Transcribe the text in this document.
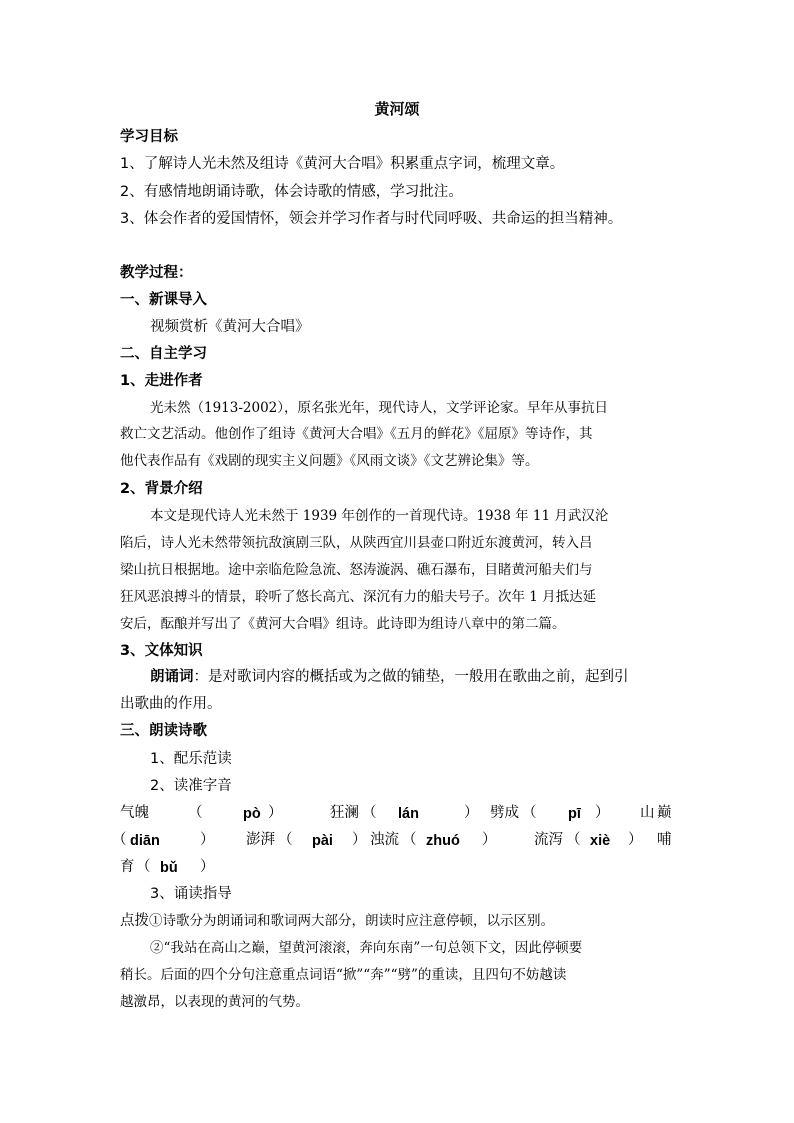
黄河颂
学习目标
1、了解诗人光未然及组诗《黄河大合唱》积累重点字词，梳理文章。
2、有感情地朗诵诗歌，体会诗歌的情感，学习批注。
3、体会作者的爱国情怀，领会并学习作者与时代同呼吸、共命运的担当精神。
教学过程：
一、新课导入
视频赏析《黄河大合唱》
二、自主学习
1、走进作者
光未然（1913-2002），原名张光年，现代诗人，文学评论家。早年从事抗日
救亡文艺活动。他创作了组诗《黄河大合唱》《五月的鲜花》《屈原》等诗作，其
他代表作品有《戏剧的现实主义问题》《风雨文谈》《文艺辨论集》等。
2、背景介绍
本文是现代诗人光未然于 1939 年创作的一首现代诗。1938 年 11 月武汉沦
陷后，诗人光未然带领抗敌演剧三队，从陕西宜川县壶口附近东渡黄河，转入吕
梁山抗日根据地。途中亲临危险急流、怒涛漩涡、礁石瀑布，目睹黄河船夫们与
狂风恶浪搏斗的情景，聆听了悠长高亢、深沉有力的船夫号子。次年 1 月抵达延
安后，酝酿并写出了《黄河大合唱》组诗。此诗即为组诗八章中的第二篇。
3、文体知识
朗诵词：是对歌词内容的概括或为之做的铺垫，一般用在歌曲之前，起到引
出歌曲的作用。
三、朗读诗歌
1、配乐范读
2、读准字音
气魄	（	pò ）	狂澜 （ lán	） 劈成 （ pī ） 山 巅
（ diān	） 澎湃 （ pài ） 浊流 （ zhuó ）	流泻 （ xiè ） 哺
育 （ bǔ ）
3、诵读指导
点拨①诗歌分为朗诵词和歌词两大部分，朗读时应注意停顿，以示区别。
②“我站在高山之巅，望黄河滚滚，奔向东南”一句总领下文，因此停顿要
稍长。后面的四个分句注意重点词语“掀”“奔”“劈”的重读，且四句不妨越读
越激昂，以表现的黄河的气势。
